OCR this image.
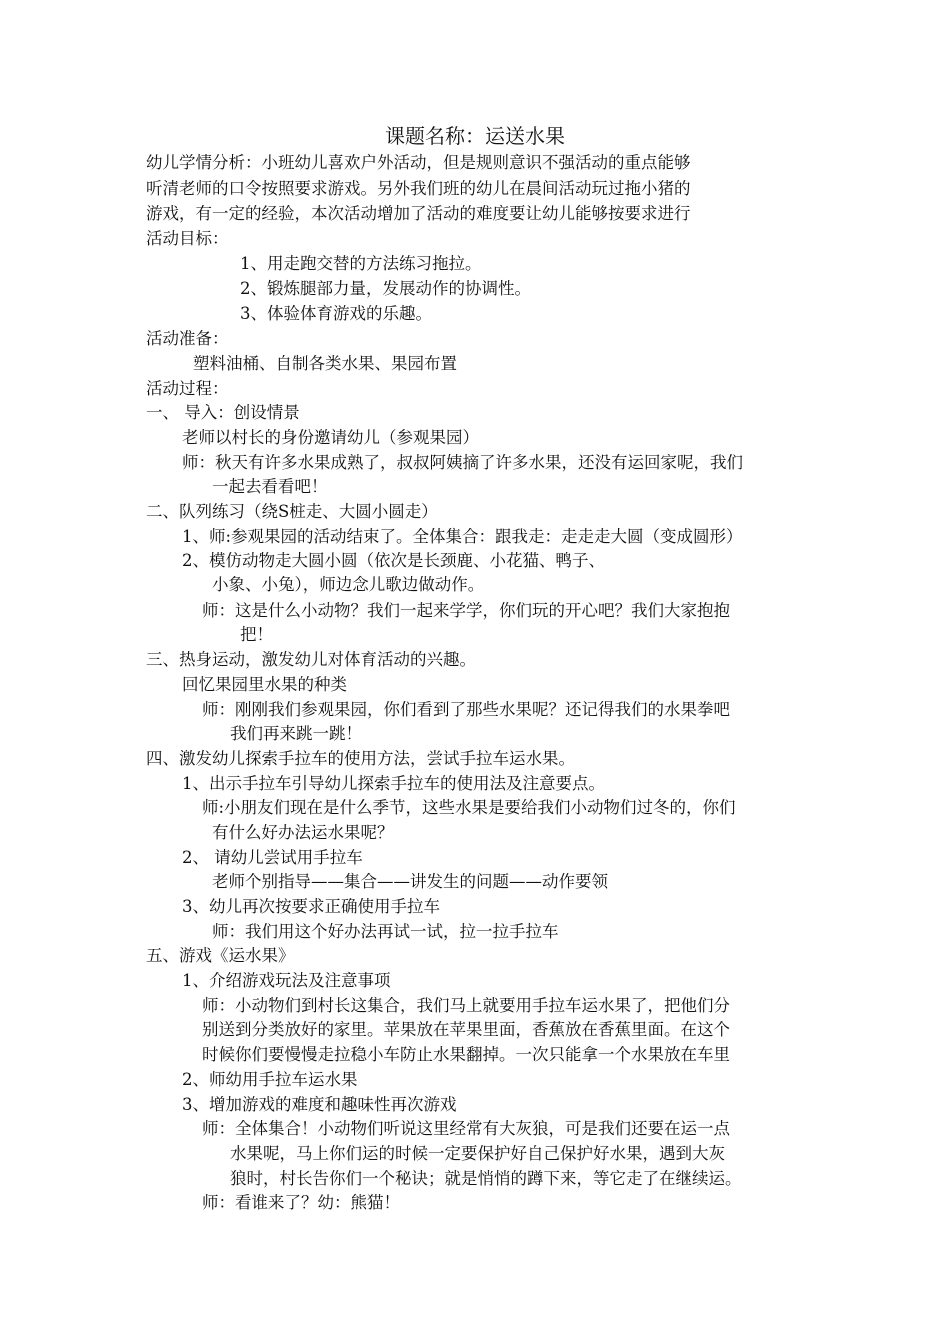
课题名称：运送水果
幼儿学情分析：小班幼儿喜欢户外活动，但是规则意识不强活动的重点能够
听清老师的口令按照要求游戏。另外我们班的幼儿在晨间活动玩过拖小猪的
游戏，有一定的经验，本次活动增加了活动的难度要让幼儿能够按要求进行
活动目标：
1、用走跑交替的方法练习拖拉。
2、锻炼腿部力量，发展动作的协调性。
3、体验体育游戏的乐趣。
活动准备：
塑料油桶、自制各类水果、果园布置
活动过程：
一、 导入：创设情景
老师以村长的身份邀请幼儿（参观果园）
师：秋天有许多水果成熟了，叔叔阿姨摘了许多水果，还没有运回家呢，我们
一起去看看吧！
二、队列练习（绕S桩走、大圆小圆走）
1、师:参观果园的活动结束了。全体集合：跟我走：走走走大圆（变成圆形）
2、模仿动物走大圆小圆（依次是长颈鹿、小花猫、鸭子、
小象、小兔），师边念儿歌边做动作。
师：这是什么小动物？我们一起来学学，你们玩的开心吧？我们大家抱抱
把！
三、热身运动，激发幼儿对体育活动的兴趣。
回忆果园里水果的种类
师：刚刚我们参观果园，你们看到了那些水果呢？还记得我们的水果拳吧
我们再来跳一跳！
四、激发幼儿探索手拉车的使用方法，尝试手拉车运水果。
1、出示手拉车引导幼儿探索手拉车的使用法及注意要点。
师:小朋友们现在是什么季节，这些水果是要给我们小动物们过冬的，你们
有什么好办法运水果呢？
2、 请幼儿尝试用手拉车
老师个别指导——集合——讲发生的问题——动作要领
3、幼儿再次按要求正确使用手拉车
师：我们用这个好办法再试一试，拉一拉手拉车
五、游戏《运水果》
1、介绍游戏玩法及注意事项
师：小动物们到村长这集合，我们马上就要用手拉车运水果了，把他们分
别送到分类放好的家里。苹果放在苹果里面，香蕉放在香蕉里面。在这个
时候你们要慢慢走拉稳小车防止水果翻掉。一次只能拿一个水果放在车里
2、师幼用手拉车运水果
3、增加游戏的难度和趣味性再次游戏
师：全体集合！小动物们听说这里经常有大灰狼，可是我们还要在运一点
水果呢，马上你们运的时候一定要保护好自己保护好水果，遇到大灰
狼时，村长告你们一个秘诀；就是悄悄的蹲下来，等它走了在继续运。
师：看谁来了？幼：熊猫！
